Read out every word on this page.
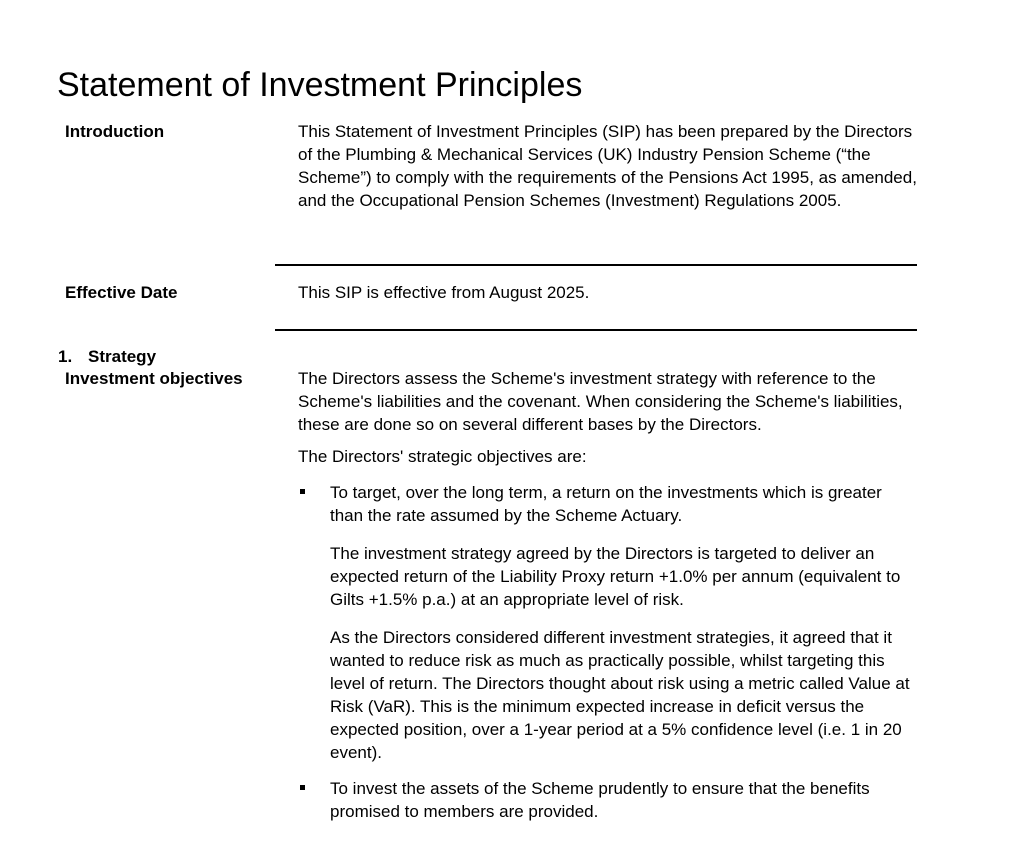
Statement of Investment Principles
Introduction	This Statement of Investment Principles (SIP) has been prepared by the Directors of the Plumbing & Mechanical Services (UK) Industry Pension Scheme (“the Scheme”) to comply with the requirements of the Pensions Act 1995, as amended, and the Occupational Pension Schemes (Investment) Regulations 2005.

Effective Date	This SIP is effective from August 2025.

1. Strategy
Investment objectives	The Directors assess the Scheme's investment strategy with reference to the Scheme's liabilities and the covenant. When considering the Scheme's liabilities, these are done so on several different bases by the Directors.

The Directors' strategic objectives are:

To target, over the long term, a return on the investments which is greater than the rate assumed by the Scheme Actuary.

The investment strategy agreed by the Directors is targeted to deliver an expected return of the Liability Proxy return +1.0% per annum (equivalent to Gilts +1.5% p.a.) at an appropriate level of risk.

As the Directors considered different investment strategies, it agreed that it wanted to reduce risk as much as practically possible, whilst targeting this level of return. The Directors thought about risk using a metric called Value at Risk (VaR). This is the minimum expected increase in deficit versus the expected position, over a 1-year period at a 5% confidence level (i.e. 1 in 20 event).

To invest the assets of the Scheme prudently to ensure that the benefits promised to members are provided.
